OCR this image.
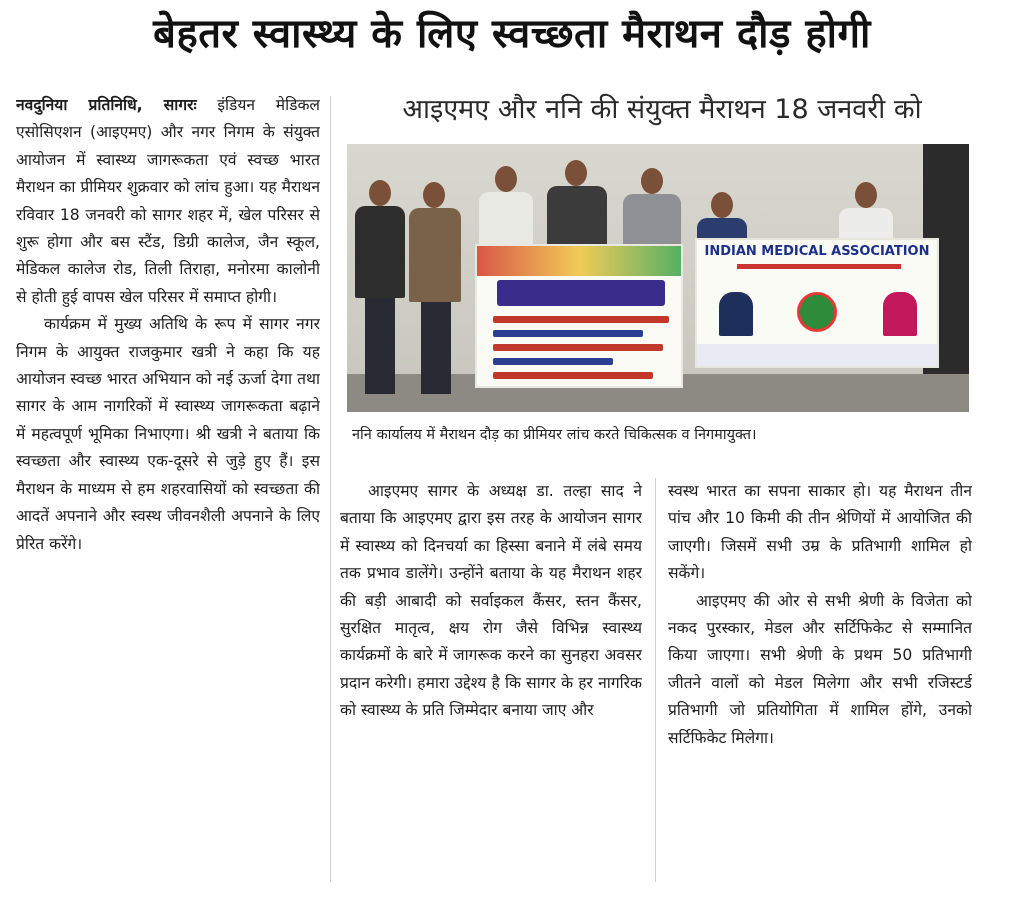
बेहतर स्वास्थ्य के लिए स्वच्छता मैराथन दौड़ होगी

नवदुनिया प्रतिनिधि, सागरः इंडियन मेडिकल एसोसिएशन (आइएमए) और नगर निगम के संयुक्त आयोजन में स्वास्थ्य जागरूकता एवं स्वच्छ भारत मैराथन का प्रीमियर शुक्रवार को लांच हुआ। यह मैराथन रविवार 18 जनवरी को सागर शहर में, खेल परिसर से शुरू होगा और बस स्टैंड, डिग्री कालेज, जैन स्कूल, मेडिकल कालेज रोड, तिली तिराहा, मनोरमा कालोनी से होती हुई वापस खेल परिसर में समाप्त होगी।

कार्यक्रम में मुख्य अतिथि के रूप में सागर नगर निगम के आयुक्त राजकुमार खत्री ने कहा कि यह आयोजन स्वच्छ भारत अभियान को नई ऊर्जा देगा तथा सागर के आम नागरिकों में स्वास्थ्य जागरूकता बढ़ाने में महत्वपूर्ण भूमिका निभाएगा। श्री खत्री ने बताया कि स्वच्छता और स्वास्थ्य एक-दूसरे से जुड़े हुए हैं। इस मैराथन के माध्यम से हम शहरवासियों को स्वच्छता की आदतें अपनाने और स्वस्थ जीवनशैली अपनाने के लिए प्रेरित करेंगे।

आइएमए और ननि की संयुक्त मैराथन 18 जनवरी को
INDIAN MEDICAL ASSOCIATION
ननि कार्यालय में मैराथन दौड़ का प्रीमियर लांच करते चिकित्सक व निगमायुक्त।

आइएमए सागर के अध्यक्ष डा. तल्हा साद ने बताया कि आइएमए द्वारा इस तरह के आयोजन सागर में स्वास्थ्य को दिनचर्या का हिस्सा बनाने में लंबे समय तक प्रभाव डालेंगे। उन्होंने बताया के यह मैराथन शहर की बड़ी आबादी को सर्वाइकल कैंसर, स्तन कैंसर, सुरक्षित मातृत्व, क्षय रोग जैसे विभिन्न स्वास्थ्य कार्यक्रमों के बारे में जागरूक करने का सुनहरा अवसर प्रदान करेगी। हमारा उद्देश्य है कि सागर के हर नागरिक को स्वास्थ्य के प्रति जिम्मेदार बनाया जाए और

स्वस्थ भारत का सपना साकार हो। यह मैराथन तीन पांच और 10 किमी की तीन श्रेणियों में आयोजित की जाएगी। जिसमें सभी उम्र के प्रतिभागी शामिल हो सकेंगे।

आइएमए की ओर से सभी श्रेणी के विजेता को नकद पुरस्कार, मेडल और सर्टिफिकेट से सम्मानित किया जाएगा। सभी श्रेणी के प्रथम 50 प्रतिभागी जीतने वालों को मेडल मिलेगा और सभी रजिस्टर्ड प्रतिभागी जो प्रतियोगिता में शामिल होंगे, उनको सर्टिफिकेट मिलेगा।
